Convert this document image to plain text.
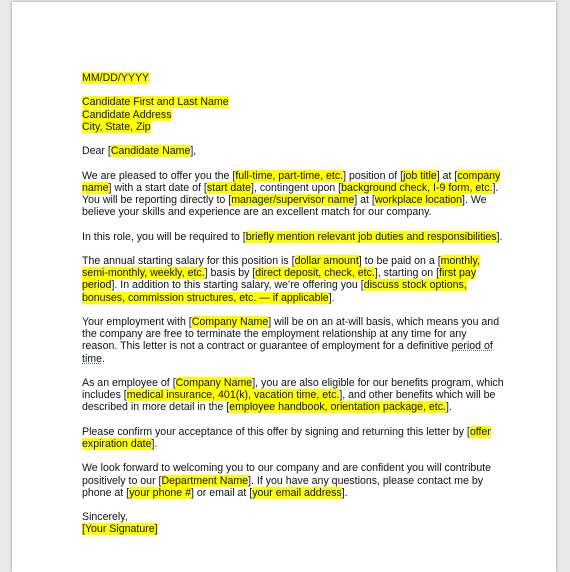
MM/DD/YYYY

Candidate First and Last Name
Candidate Address
City, State, Zip

Dear [Candidate Name],

We are pleased to offer you the [full-time, part-time, etc.] position of [job title] at [company name] with a start date of [start date], contingent upon [background check, I-9 form, etc.]. You will be reporting directly to [manager/supervisor name] at [workplace location]. We believe your skills and experience are an excellent match for our company.

In this role, you will be required to [briefly mention relevant job duties and responsibilities].

The annual starting salary for this position is [dollar amount] to be paid on a [monthly, semi-monthly, weekly, etc.] basis by [direct deposit, check, etc.], starting on [first pay period]. In addition to this starting salary, we’re offering you [discuss stock options, bonuses, commission structures, etc. — if applicable].

Your employment with [Company Name] will be on an at-will basis, which means you and the company are free to terminate the employment relationship at any time for any reason. This letter is not a contract or guarantee of employment for a definitive period of time.

As an employee of [Company Name], you are also eligible for our benefits program, which includes [medical insurance, 401(k), vacation time, etc.], and other benefits which will be described in more detail in the [employee handbook, orientation package, etc.].

Please confirm your acceptance of this offer by signing and returning this letter by [offer expiration date].

We look forward to welcoming you to our company and are confident you will contribute positively to our [Department Name]. If you have any questions, please contact me by phone at [your phone #] or email at [your email address].

Sincerely,
[Your Signature]
